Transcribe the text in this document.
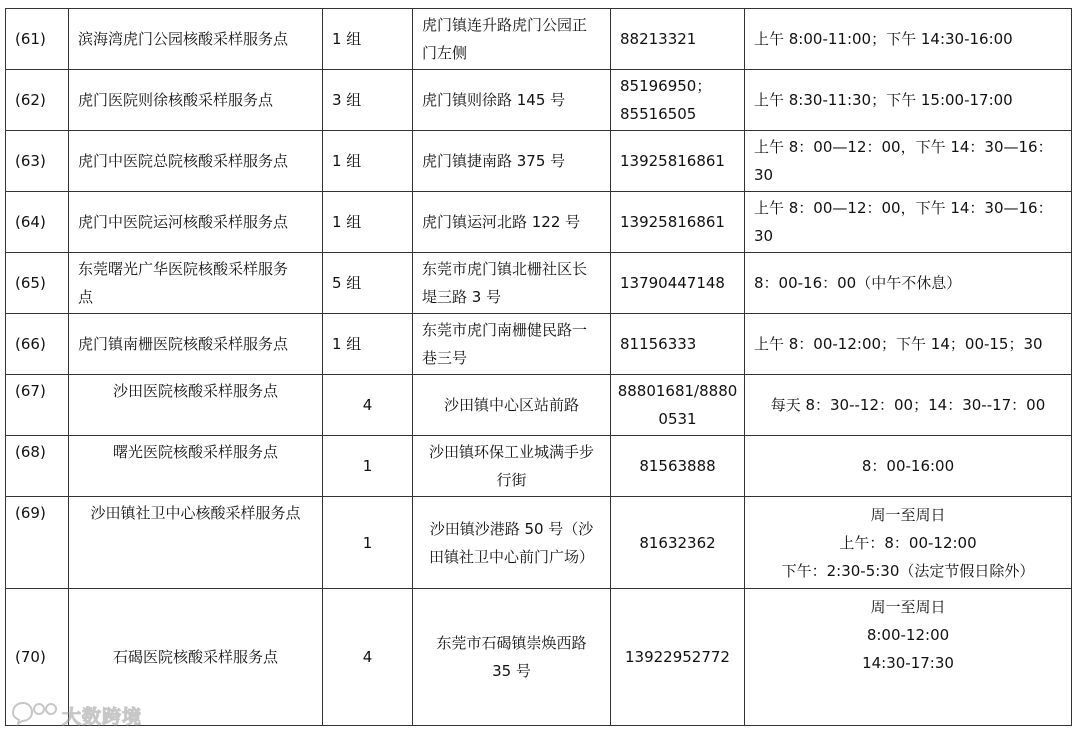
(61)	滨海湾虎门公园核酸采样服务点	1 组	虎门镇连升路虎门公园正
门左侧	88213321	上午 8:00-11:00；下午 14:30-16:00

(62)	虎门医院则徐核酸采样服务点	3 组	虎门镇则徐路 145 号	85196950；
85516505	上午 8:30-11:30；下午 15:00-17:00

(63)	虎门中医院总院核酸采样服务点	1 组	虎门镇捷南路 375 号	13925816861	上午 8：00—12：00，下午 14：30—16：
30

(64)	虎门中医院运河核酸采样服务点	1 组	虎门镇运河北路 122 号	13925816861	上午 8：00—12：00，下午 14：30—16：
30

(65)	东莞曙光广华医院核酸采样服务
点	5 组	东莞市虎门镇北栅社区长
堤三路 3 号	13790447148	8：00-16：00（中午不休息）

(66)	虎门镇南栅医院核酸采样服务点	1 组	东莞市虎门南栅健民路一
巷三号	81156333	上午 8：00-12:00；下午 14；00-15；30

(67)	沙田医院核酸采样服务点	4	沙田镇中心区站前路	88801681/8880
0531	每天 8：30--12：00；14：30--17：00

(68)	曙光医院核酸采样服务点	1	沙田镇环保工业城满手步
行街	81563888	8：00-16:00

(69)	沙田镇社卫中心核酸采样服务点	1	沙田镇沙港路 50 号（沙
田镇社卫中心前门广场）	81632362	周一至周日
上午：8：00-12:00
下午：2:30-5:30（法定节假日除外）

(70)	石碣医院核酸采样服务点	4	东莞市石碣镇崇焕西路
35 号	13922952772	周一至周日
8:00-12:00
14:30-17:30
大数跨境
